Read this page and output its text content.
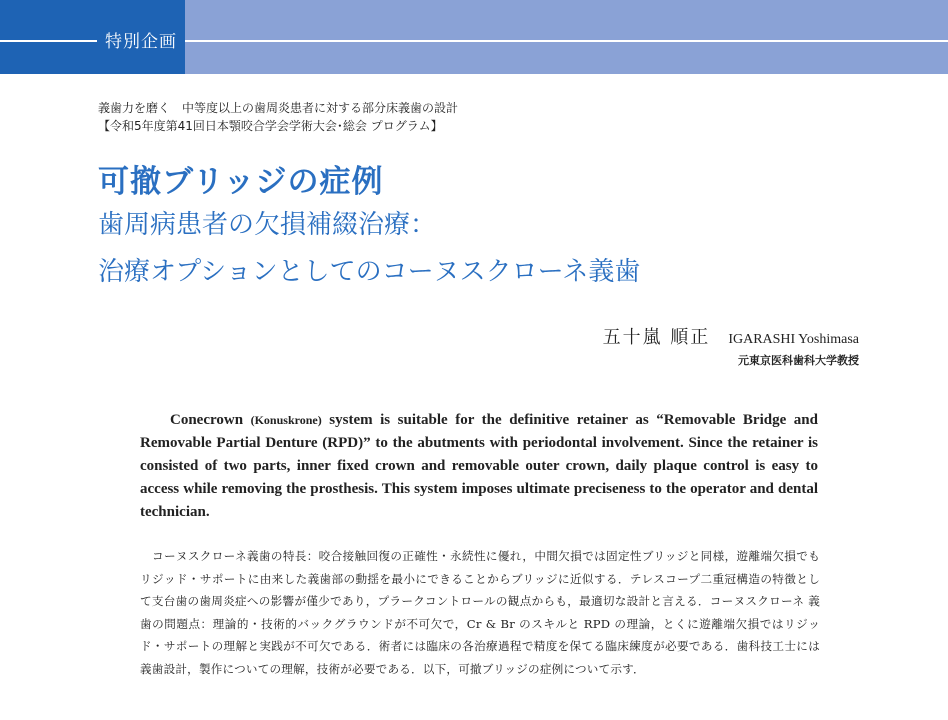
特別企画
義歯力を磨く　中等度以上の歯周炎患者に対する部分床義歯の設計
【令和5年度第41回日本顎咬合学会学術大会･総会 プログラム】
可撤ブリッジの症例
歯周病患者の欠損補綴治療：
治療オプションとしてのコーヌスクローネ義歯
五十嵐 順正 IGARASHI Yoshimasa
元東京医科歯科大学教授

Conecrown (Konuskrone) system is suitable for the definitive retainer as “Removable Bridge and Removable Partial Denture (RPD)” to the abutments with periodontal involvement. Since the retainer is consisted of two parts, inner fixed crown and removable outer crown, daily plaque control is easy to access while removing the prosthesis. This system imposes ultimate preciseness to the operator and dental technician.

コーヌスクローネ義歯の特長：咬合接触回復の正確性・永続性に優れ，中間欠損では固定性ブリッジと同様，遊離端欠損でもリジッド・サポートに由来した義歯部の動揺を最小にできることからブリッジに近似する．テレスコープ二重冠構造の特徴として支台歯の歯周炎症への影響が僅少であり，プラークコントロールの観点からも，最適切な設計と言える．コーヌスクローネ 義歯の問題点：理論的・技術的バックグラウンドが不可欠で，Cr & Br のスキルと RPD の理論，とくに遊離端欠損ではリジッド・サポートの理解と実践が不可欠である．術者には臨床の各治療過程で精度を保てる臨床練度が必要である．歯科技工士には義歯設計，製作についての理解，技術が必要である．以下，可撤ブリッジの症例について示す．
